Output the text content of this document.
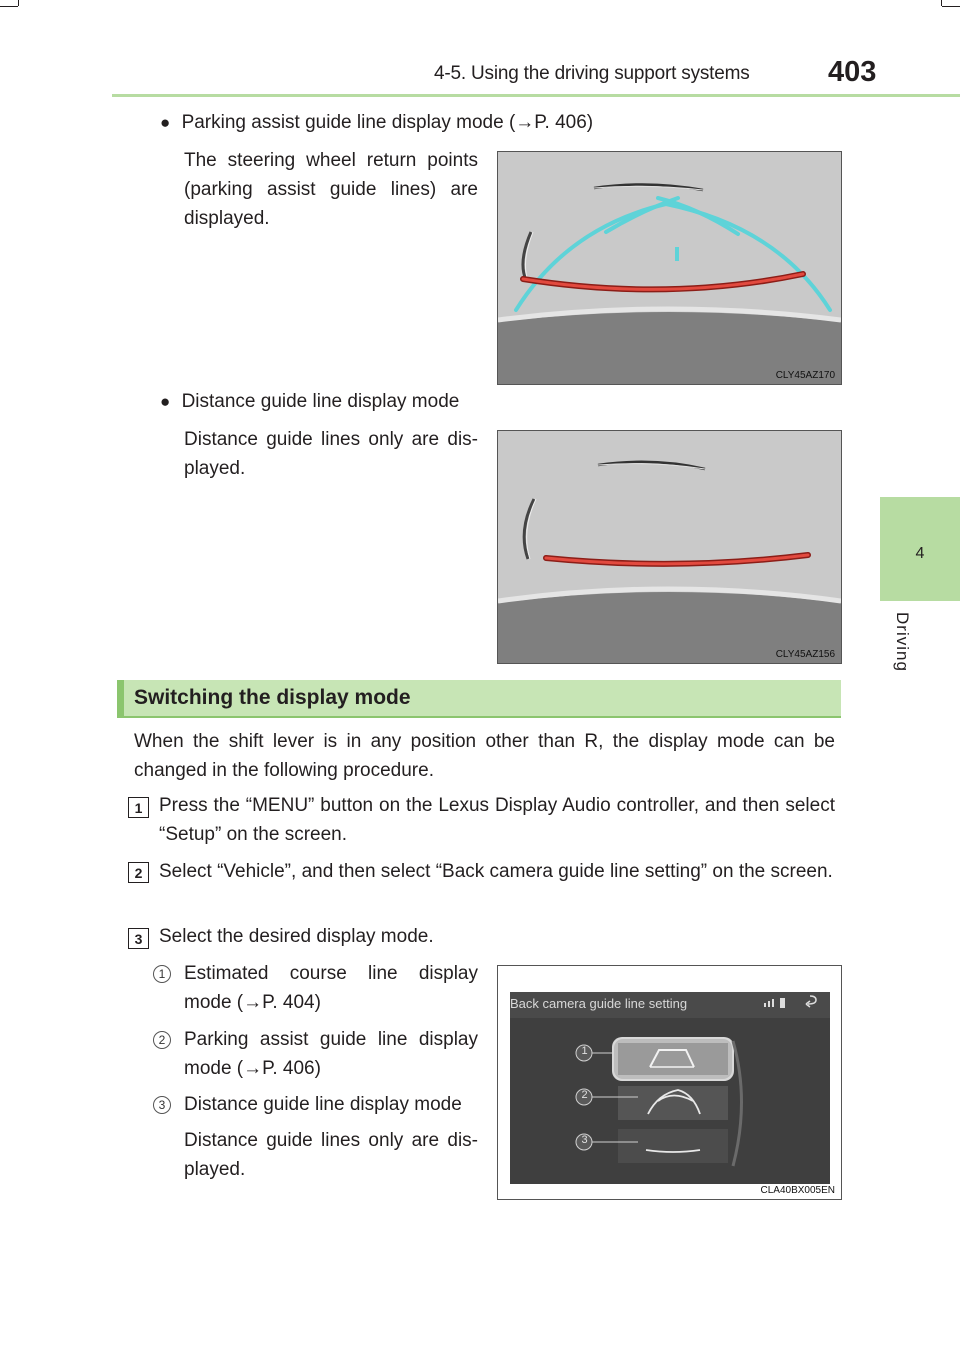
4-5. Using the driving support systems	403
4
Driving
● Parking assist guide line display mode (→P. 406)
The steering wheel return points (parking assist guide lines) are displayed.
CLY45AZ170
● Distance guide line display mode
Distance guide lines only are dis-played.
CLY45AZ156
Switching the display mode
When the shift lever is in any position other than R, the display mode can be changed in the following procedure.
1 Press the “MENU” button on the Lexus Display Audio controller, and then select “Setup” on the screen.
2 Select “Vehicle”, and then select “Back camera guide line setting” on the screen.
3 Select the desired display mode.
1 Estimated course line display mode (→P. 404)
2 Parking assist guide line display mode (→P. 406)
3 Distance guide line display mode
Distance guide lines only are dis-played.
Back camera guide line setting
1
2
3
CLA40BX005EN
